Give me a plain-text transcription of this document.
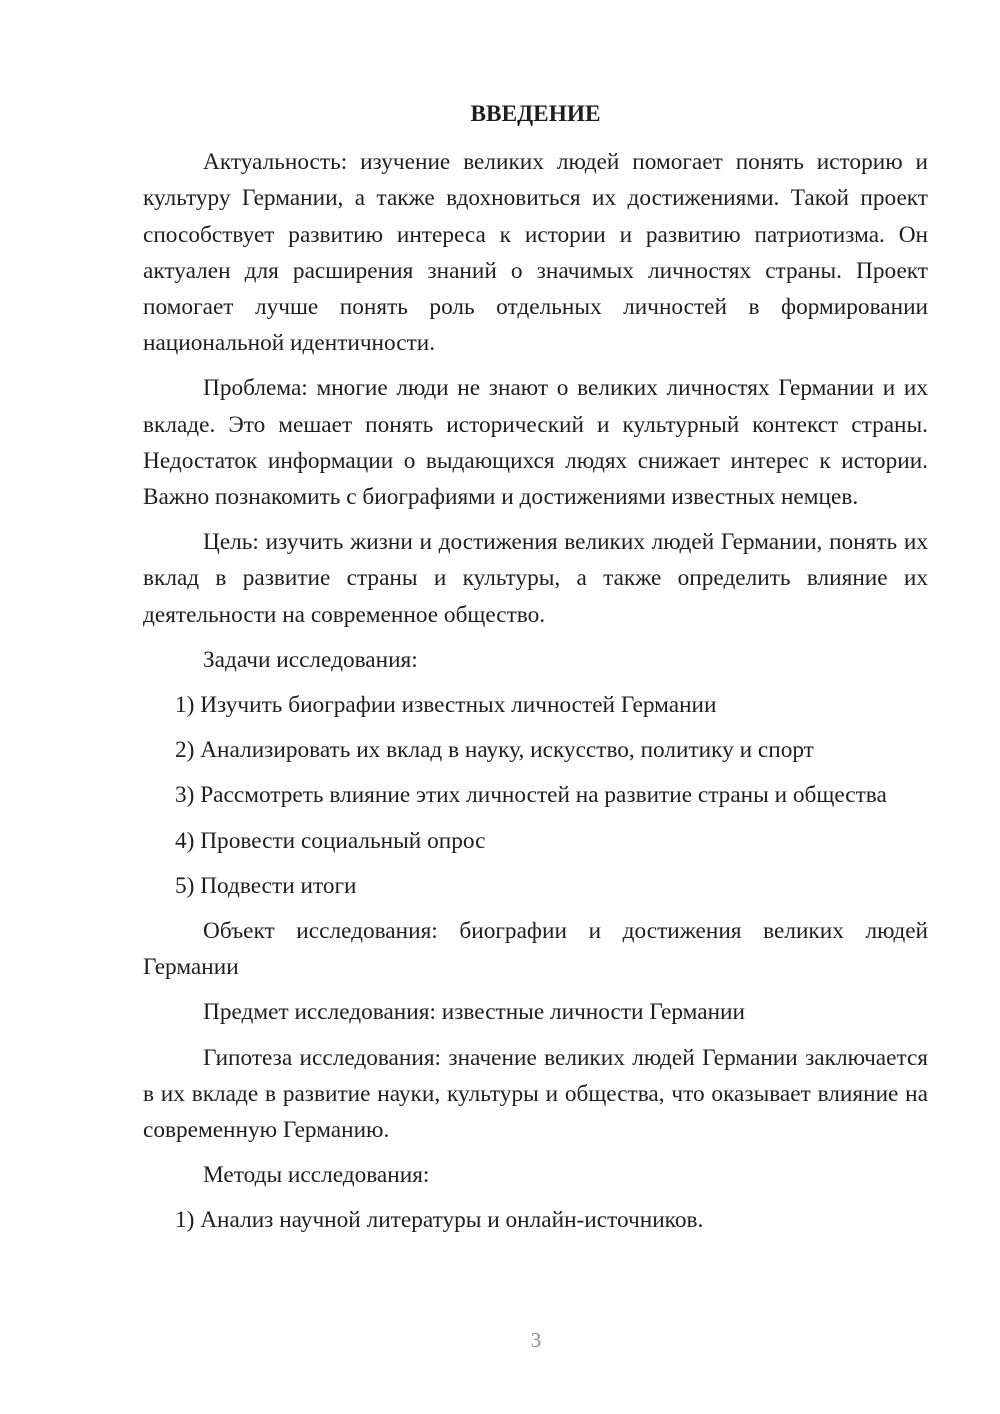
ВВЕДЕНИЕ

Актуальность: изучение великих людей помогает понять историю и культуру Германии, а также вдохновиться их достижениями. Такой проект способствует развитию интереса к истории и развитию патриотизма. Он актуален для расширения знаний о значимых личностях страны. Проект помогает лучше понять роль отдельных личностей в формировании национальной идентичности.

Проблема: многие люди не знают о великих личностях Германии и их вкладе. Это мешает понять исторический и культурный контекст страны. Недостаток информации о выдающихся людях снижает интерес к истории. Важно познакомить с биографиями и достижениями известных немцев.

Цель: изучить жизни и достижения великих людей Германии, понять их вклад в развитие страны и культуры, а также определить влияние их деятельности на современное общество.

Задачи исследования:

1) Изучить биографии известных личностей Германии

2) Анализировать их вклад в науку, искусство, политику и спорт

3) Рассмотреть влияние этих личностей на развитие страны и общества

4) Провести социальный опрос

5) Подвести итоги

Объект исследования: биографии и достижения великих людей Германии

Предмет исследования: известные личности Германии

Гипотеза исследования: значение великих людей Германии заключается в их вкладе в развитие науки, культуры и общества, что оказывает влияние на современную Германию.

Методы исследования:

1) Анализ научной литературы и онлайн-источников.

3
